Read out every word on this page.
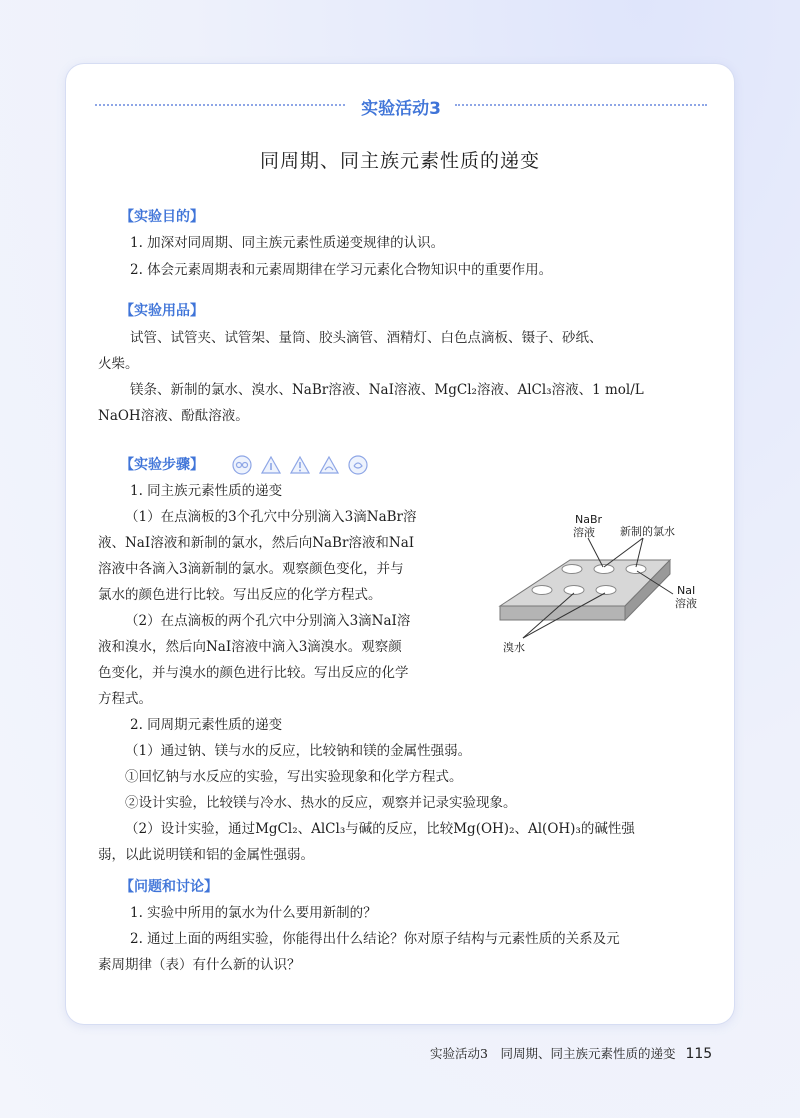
实验活动3
同周期、同主族元素性质的递变
【实验目的】
1. 加深对同周期、同主族元素性质递变规律的认识。
2. 体会元素周期表和元素周期律在学习元素化合物知识中的重要作用。
【实验用品】
试管、试管夹、试管架、量筒、胶头滴管、酒精灯、白色点滴板、镊子、砂纸、
火柴。
镁条、新制的氯水、溴水、NaBr溶液、NaI溶液、MgCl₂溶液、AlCl₃溶液、1 mol/L
NaOH溶液、酚酞溶液。
【实验步骤】

1. 同主族元素性质的递变
（1）在点滴板的3个孔穴中分别滴入3滴NaBr溶
液、NaI溶液和新制的氯水，然后向NaBr溶液和NaI
溶液中各滴入3滴新制的氯水。观察颜色变化，并与
氯水的颜色进行比较。写出反应的化学方程式。
（2）在点滴板的两个孔穴中分别滴入3滴NaI溶
液和溴水，然后向NaI溶液中滴入3滴溴水。观察颜
色变化，并与溴水的颜色进行比较。写出反应的化学
方程式。
2. 同周期元素性质的递变
（1）通过钠、镁与水的反应，比较钠和镁的金属性强弱。
①回忆钠与水反应的实验，写出实验现象和化学方程式。
②设计实验，比较镁与冷水、热水的反应，观察并记录实验现象。
（2）设计实验，通过MgCl₂、AlCl₃与碱的反应，比较Mg(OH)₂、Al(OH)₃的碱性强
弱，以此说明镁和铝的金属性强弱。
NaBr
溶液 新制的氯水
NaI
溶液
溴水
【问题和讨论】
1. 实验中所用的氯水为什么要用新制的？
2. 通过上面的两组实验，你能得出什么结论？你对原子结构与元素性质的关系及元
素周期律（表）有什么新的认识？
实验活动3　同周期、同主族元素性质的递变 115
